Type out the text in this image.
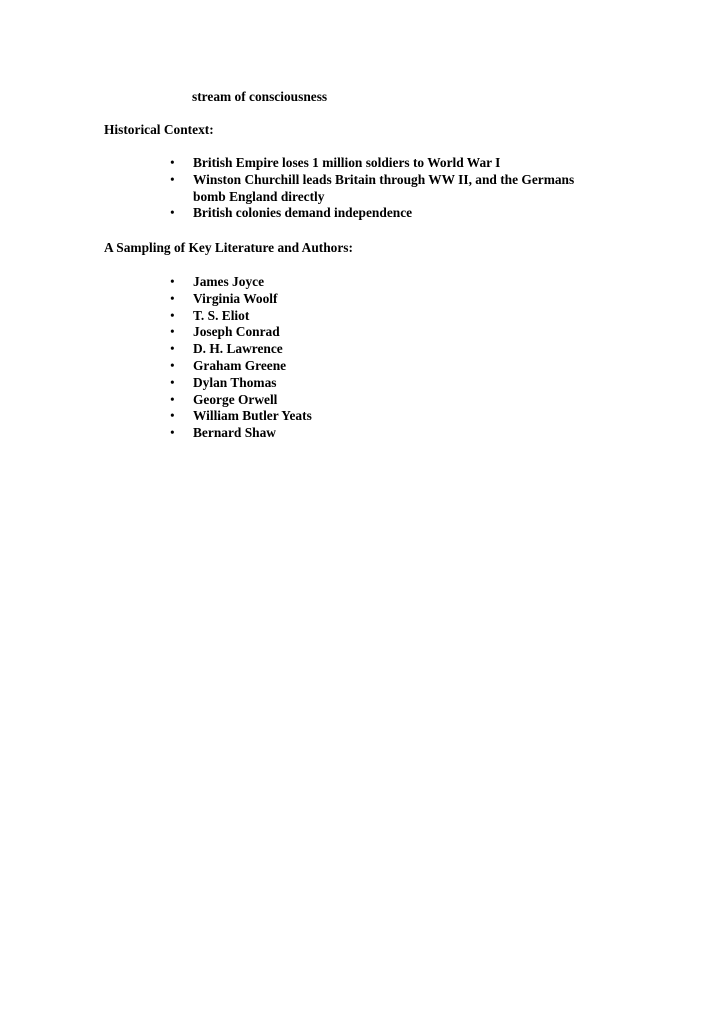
stream of consciousness
Historical Context:
• British Empire loses 1 million soldiers to World War I
• Winston Churchill leads Britain through WW II, and the Germans
bomb England directly
• British colonies demand independence
A Sampling of Key Literature and Authors:
• James Joyce
• Virginia Woolf
• T. S. Eliot
• Joseph Conrad
• D. H. Lawrence
• Graham Greene
• Dylan Thomas
• George Orwell
• William Butler Yeats
• Bernard Shaw
